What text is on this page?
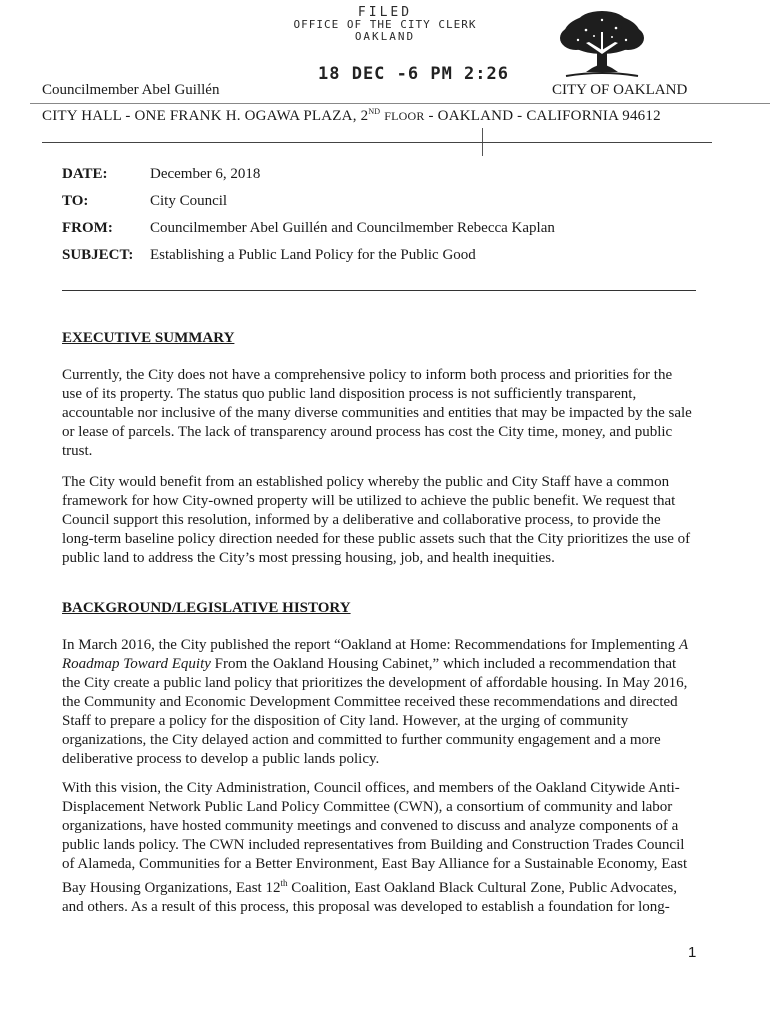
FILED
OFFICE OF THE CITY CLERK
OAKLAND
18 DEC -6 PM 2:26
Councilmember Abel Guillén	CITY OF OAKLAND
CITY HALL - ONE FRANK H. OGAWA PLAZA, 2ND FLOOR - OAKLAND - CALIFORNIA 94612
DATE:	December 6, 2018
TO:	City Council
FROM: Councilmember Abel Guillén and Councilmember Rebecca Kaplan
SUBJECT: Establishing a Public Land Policy for the Public Good
EXECUTIVE SUMMARY
Currently, the City does not have a comprehensive policy to inform both process and priorities for the
use of its property. The status quo public land disposition process is not sufficiently transparent,
accountable nor inclusive of the many diverse communities and entities that may be impacted by the sale
or lease of parcels. The lack of transparency around process has cost the City time, money, and public
trust.
The City would benefit from an established policy whereby the public and City Staff have a common
framework for how City-owned property will be utilized to achieve the public benefit. We request that
Council support this resolution, informed by a deliberative and collaborative process, to provide the
long-term baseline policy direction needed for these public assets such that the City prioritizes the use of
public land to address the City’s most pressing housing, job, and health inequities.
BACKGROUND/LEGISLATIVE HISTORY
In March 2016, the City published the report “Oakland at Home: Recommendations for Implementing A
Roadmap Toward Equity From the Oakland Housing Cabinet,” which included a recommendation that
the City create a public land policy that prioritizes the development of affordable housing. In May 2016,
the Community and Economic Development Committee received these recommendations and directed
Staff to prepare a policy for the disposition of City land. However, at the urging of community
organizations, the City delayed action and committed to further community engagement and a more
deliberative process to develop a public lands policy.
With this vision, the City Administration, Council offices, and members of the Oakland Citywide Anti-
Displacement Network Public Land Policy Committee (CWN), a consortium of community and labor
organizations, have hosted community meetings and convened to discuss and analyze components of a
public lands policy. The CWN included representatives from Building and Construction Trades Council
of Alameda, Communities for a Better Environment, East Bay Alliance for a Sustainable Economy, East
Bay Housing Organizations, East 12th Coalition, East Oakland Black Cultural Zone, Public Advocates,
and others. As a result of this process, this proposal was developed to establish a foundation for long-
1
